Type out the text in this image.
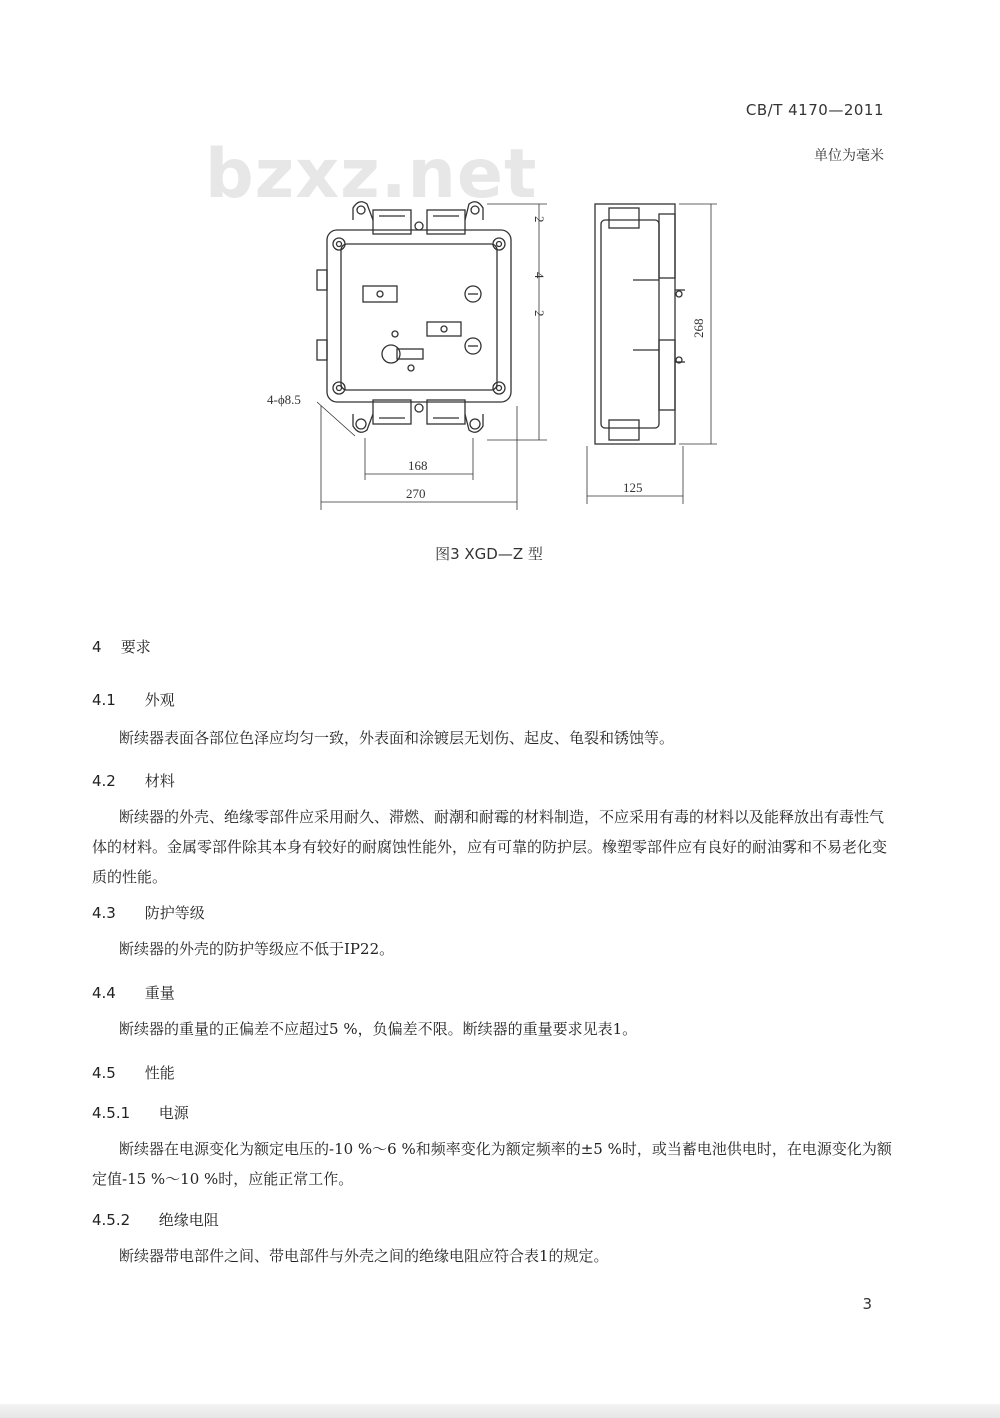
bzxz.net
CB/T 4170—2011
单位为毫米
4-ϕ8.5
168
270	125
268
2
4
2
图3 XGD—Z 型
4 要求
4.1 外观
断续器表面各部位色泽应均匀一致，外表面和涂镀层无划伤、起皮、龟裂和锈蚀等。
4.2 材料
断续器的外壳、绝缘零部件应采用耐久、滞燃、耐潮和耐霉的材料制造，不应采用有毒的材料以及能释放出有毒性气体的材料。金属零部件除其本身有较好的耐腐蚀性能外，应有可靠的防护层。橡塑零部件应有良好的耐油雾和不易老化变质的性能。
4.3 防护等级
断续器的外壳的防护等级应不低于IP22。
4.4 重量
断续器的重量的正偏差不应超过5 %，负偏差不限。断续器的重量要求见表1。
4.5 性能
4.5.1 电源
断续器在电源变化为额定电压的-10 %～6 %和频率变化为额定频率的±5 %时，或当蓄电池供电时，在电源变化为额定值-15 %～10 %时，应能正常工作。
4.5.2 绝缘电阻
断续器带电部件之间、带电部件与外壳之间的绝缘电阻应符合表1的规定。
3
